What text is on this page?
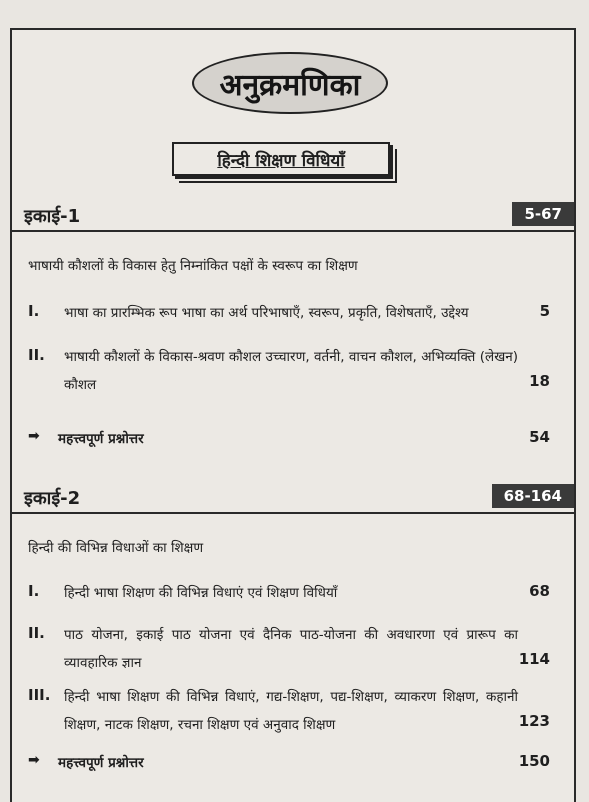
अनुक्रमणिका
हिन्दी शिक्षण विधियाँ
इकाई-1	5-67
भाषायी कौशलों के विकास हेतु निम्नांकित पक्षों के स्वरूप का शिक्षण
I. भाषा का प्रारम्भिक रूप भाषा का अर्थ परिभाषाएँ, स्वरूप, प्रकृति, विशेषताएँ, उद्देश्य	5
II. भाषायी कौशलों के विकास-श्रवण कौशल उच्चारण, वर्तनी, वाचन कौशल, अभिव्यक्ति (लेखन) कौशल	18
➡ महत्त्वपूर्ण प्रश्नोत्तर	54
इकाई-2	68-164
हिन्दी की विभिन्न विधाओं का शिक्षण
I. हिन्दी भाषा शिक्षण की विभिन्न विधाएं एवं शिक्षण विधियाँ	68
II. पाठ योजना, इकाई पाठ योजना एवं दैनिक पाठ-योजना की अवधारणा एवं प्रारूप का व्यावहारिक ज्ञान	114
III. हिन्दी भाषा शिक्षण की विभिन्न विधाएं, गद्य-शिक्षण, पद्य-शिक्षण, व्याकरण शिक्षण, कहानी शिक्षण, नाटक शिक्षण, रचना शिक्षण एवं अनुवाद शिक्षण	123
➡ महत्त्वपूर्ण प्रश्नोत्तर	150
